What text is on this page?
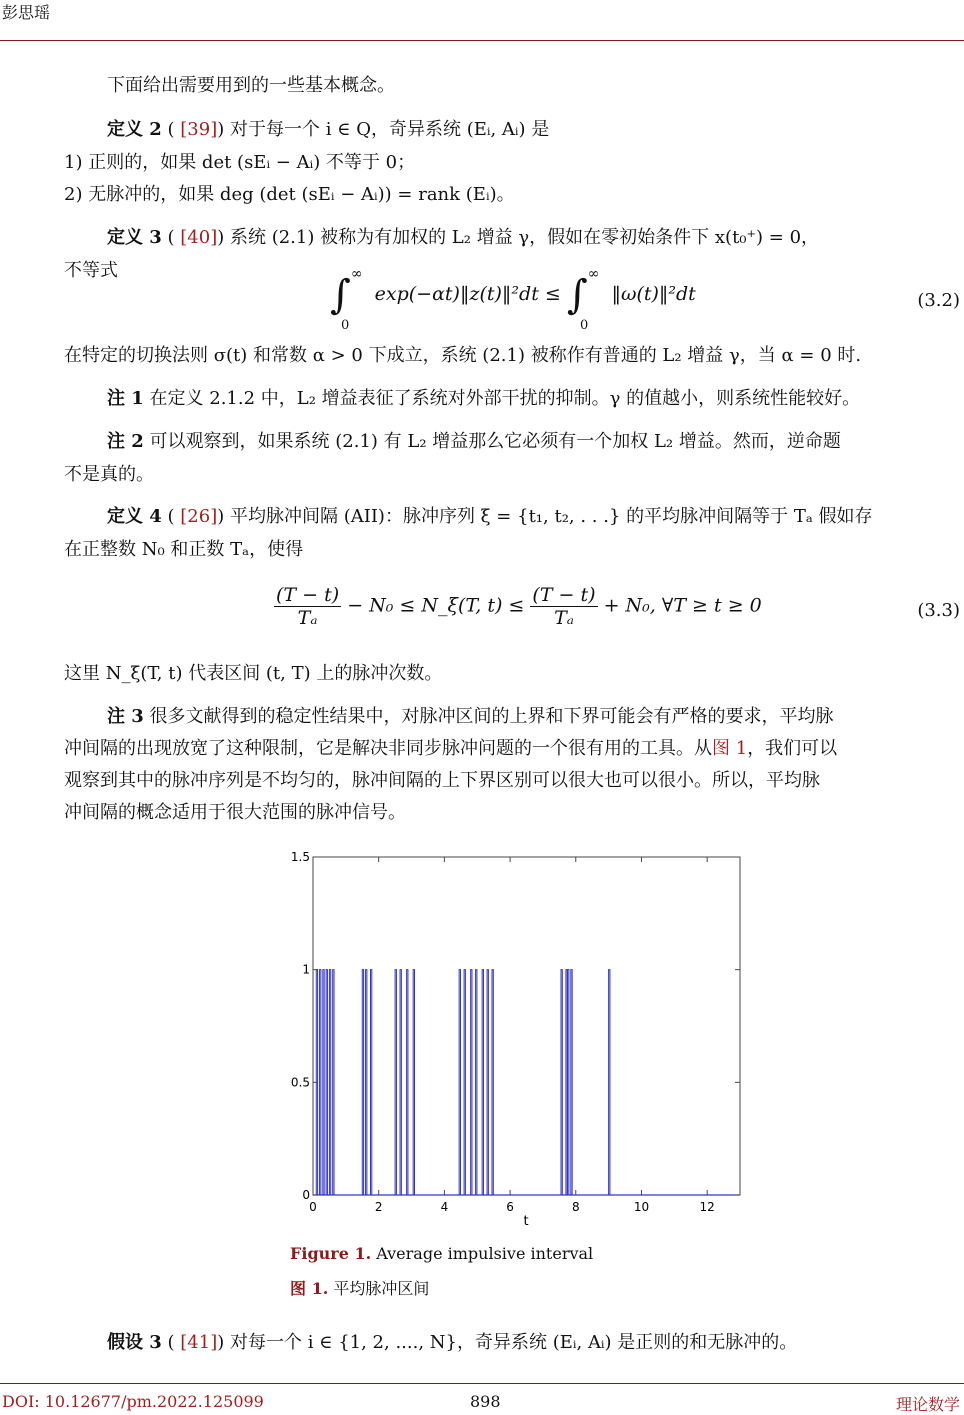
彭思瑶
下面给出需要用到的一些基本概念。
定义 2 ( [39]) 对于每一个 i ∈ Q，奇异系统 (Eᵢ, Aᵢ) 是
1) 正则的，如果 det (sEᵢ − Aᵢ) 不等于 0；
2) 无脉冲的，如果 deg (det (sEᵢ − Aᵢ)) = rank (Eᵢ)。
定义 3 ( [40]) 系统 (2.1) 被称为有加权的 L₂ 增益 γ，假如在零初始条件下 x(t₀⁺) = 0，
不等式
∫ ∞ exp(−αt)‖z(t)‖²dt ≤ ∫ ∞ ‖ω(t)‖²dt
0	0
(3.2)
在特定的切换法则 σ(t) 和常数 α > 0 下成立，系统 (2.1) 被称作有普通的 L₂ 增益 γ，当 α = 0 时.
注 1 在定义 2.1.2 中，L₂ 增益表征了系统对外部干扰的抑制。γ 的值越小，则系统性能较好。
注 2 可以观察到，如果系统 (2.1) 有 L₂ 增益那么它必须有一个加权 L₂ 增益。然而，逆命题
不是真的。
定义 4 ( [26]) 平均脉冲间隔 (AII)：脉冲序列 ξ = {t₁, t₂, . . .} 的平均脉冲间隔等于 Tₐ 假如存
在正整数 N₀ 和正数 Tₐ，使得
$\frac{(T - t)}{\text{Tₐ}} - N_0$ ≤ N_ξ(T, $t) \le \frac{(T - t)}{\text{Tₐ}} + N_0$, ∀T ≥ t ≥ 0	(3.3)
这里 N_ξ(T, t) 代表区间 (t, T) 上的脉冲次数。
注 3 很多文献得到的稳定性结果中，对脉冲区间的上界和下界可能会有严格的要求，平均脉
冲间隔的出现放宽了这种限制，它是解决非同步脉冲问题的一个很有用的工具。从图 1，我们可以
观察到其中的脉冲序列是不均匀的，脉冲间隔的上下界区别可以很大也可以很小。所以，平均脉
冲间隔的概念适用于很大范围的脉冲信号。
0	2	4	6	8	10	12
0
0.5
1
1.5
t
Figure 1. Average impulsive interval
图 1. 平均脉冲区间
假设 3 ( [41]) 对每一个 i ∈ {1, 2, ...., N}，奇异系统 (Eᵢ, Aᵢ) 是正则的和无脉冲的。
DOI: 10.12677/pm.2022.125099	898	理论数学
